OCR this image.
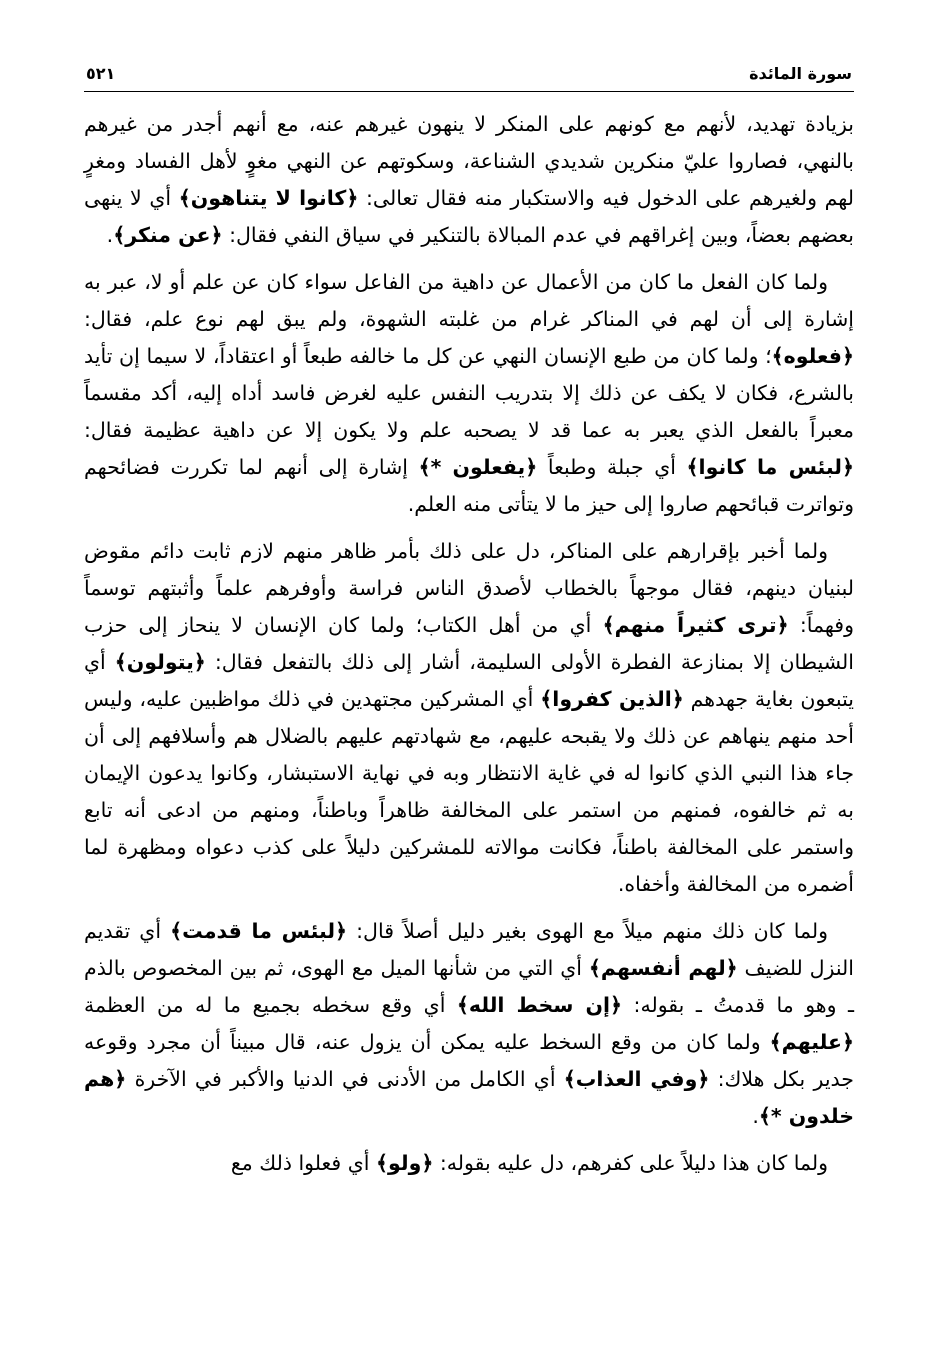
سورة المائدة
٥٢١

بزيادة تهديد، لأنهم مع كونهم على المنكر لا ينهون غيرهم عنه، مع أنهم أجدر من غيرهم بالنهي، فصاروا عليّ منكرين شديدي الشناعة، وسكوتهم عن النهي مغوٍ لأهل الفساد ومغرٍ لهم ولغيرهم على الدخول فيه والاستكبار منه فقال تعالى: ﴿كانوا لا يتناهون﴾ أي لا ينهى بعضهم بعضاً، وبين إغراقهم في عدم المبالاة بالتنكير في سياق النفي فقال: ﴿عن منكر﴾.

ولما كان الفعل ما كان من الأعمال عن داهية من الفاعل سواء كان عن علم أو لا، عبر به إشارة إلى أن لهم في المناكر غرام من غلبته الشهوة، ولم يبق لهم نوع علم، فقال: ﴿فعلوه﴾؛ ولما كان من طبع الإنسان النهي عن كل ما خالفه طبعاً أو اعتقاداً، لا سيما إن تأيد بالشرع، فكان لا يكف عن ذلك إلا بتدريب النفس عليه لغرض فاسد أداه إليه، أكد مقسماً معبراً بالفعل الذي يعبر به عما قد لا يصحبه علم ولا يكون إلا عن داهية عظيمة فقال: ﴿لبئس ما كانوا﴾ أي جبلة وطبعاً ﴿يفعلون *﴾ إشارة إلى أنهم لما تكررت فضائحهم وتواترت قبائحهم صاروا إلى حيز ما لا يتأتى منه العلم.

ولما أخبر بإقرارهم على المناكر، دل على ذلك بأمر ظاهر منهم لازم ثابت دائم مقوض لبنيان دينهم، فقال موجهاً بالخطاب لأصدق الناس فراسة وأوفرهم علماً وأثبتهم توسماً وفهماً: ﴿ترى كثيراً منهم﴾ أي من أهل الكتاب؛ ولما كان الإنسان لا ينحاز إلى حزب الشيطان إلا بمنازعة الفطرة الأولى السليمة، أشار إلى ذلك بالتفعل فقال: ﴿يتولون﴾ أي يتبعون بغاية جهدهم ﴿الذين كفروا﴾ أي المشركين مجتهدين في ذلك مواظبين عليه، وليس أحد منهم ينهاهم عن ذلك ولا يقبحه عليهم، مع شهادتهم عليهم بالضلال هم وأسلافهم إلى أن جاء هذا النبي الذي كانوا له في غاية الانتظار وبه في نهاية الاستبشار، وكانوا يدعون الإيمان به ثم خالفوه، فمنهم من استمر على المخالفة ظاهراً وباطناً، ومنهم من ادعى أنه تابع واستمر على المخالفة باطناً، فكانت موالاته للمشركين دليلاً على كذب دعواه ومظهرة لما أضمره من المخالفة وأخفاه.

ولما كان ذلك منهم ميلاً مع الهوى بغير دليل أصلاً قال: ﴿لبئس ما قدمت﴾ أي تقديم النزل للضيف ﴿لهم أنفسهم﴾ أي التي من شأنها الميل مع الهوى، ثم بين المخصوص بالذم ـ وهو ما قدمتُ ـ بقوله: ﴿إن سخط الله﴾ أي وقع سخطه بجميع ما له من العظمة ﴿عليهم﴾ ولما كان من وقع السخط عليه يمكن أن يزول عنه، قال مبيناً أن مجرد وقوعه جدير بكل هلاك: ﴿وفي العذاب﴾ أي الكامل من الأدنى في الدنيا والأكبر في الآخرة ﴿هم خلدون *﴾.

ولما كان هذا دليلاً على كفرهم، دل عليه بقوله: ﴿ولو﴾ أي فعلوا ذلك مع
